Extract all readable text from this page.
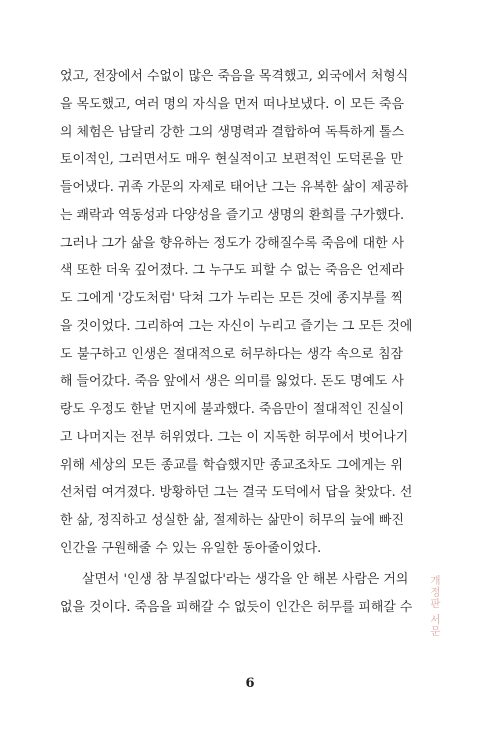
었고, 전장에서 수없이 많은 죽음을 목격했고, 외국에서 처형식
을 목도했고, 여러 명의 자식을 먼저 떠나보냈다. 이 모든 죽음
의 체험은 남달리 강한 그의 생명력과 결합하여 독특하게 톨스
토이적인, 그러면서도 매우 현실적이고 보편적인 도덕론을 만
들어냈다. 귀족 가문의 자제로 태어난 그는 유복한 삶이 제공하
는 쾌락과 역동성과 다양성을 즐기고 생명의 환희를 구가했다.
그러나 그가 삶을 향유하는 정도가 강해질수록 죽음에 대한 사
색 또한 더욱 깊어졌다. 그 누구도 피할 수 없는 죽음은 언제라
도 그에게 '강도처럼' 닥쳐 그가 누리는 모든 것에 종지부를 찍
을 것이었다. 그리하여 그는 자신이 누리고 즐기는 그 모든 것에
도 불구하고 인생은 절대적으로 허무하다는 생각 속으로 침잠
해 들어갔다. 죽음 앞에서 생은 의미를 잃었다. 돈도 명예도 사
랑도 우정도 한낱 먼지에 불과했다. 죽음만이 절대적인 진실이
고 나머지는 전부 허위였다. 그는 이 지독한 허무에서 벗어나기
위해 세상의 모든 종교를 학습했지만 종교조차도 그에게는 위
선처럼 여겨졌다. 방황하던 그는 결국 도덕에서 답을 찾았다. 선
한 삶, 정직하고 성실한 삶, 절제하는 삶만이 허무의 늪에 빠진
인간을 구원해줄 수 있는 유일한 동아줄이었다.
살면서 '인생 참 부질없다'라는 생각을 안 해본 사람은 거의
없을 것이다. 죽음을 피해갈 수 없듯이 인간은 허무를 피해갈 수 개정판 서문
6
